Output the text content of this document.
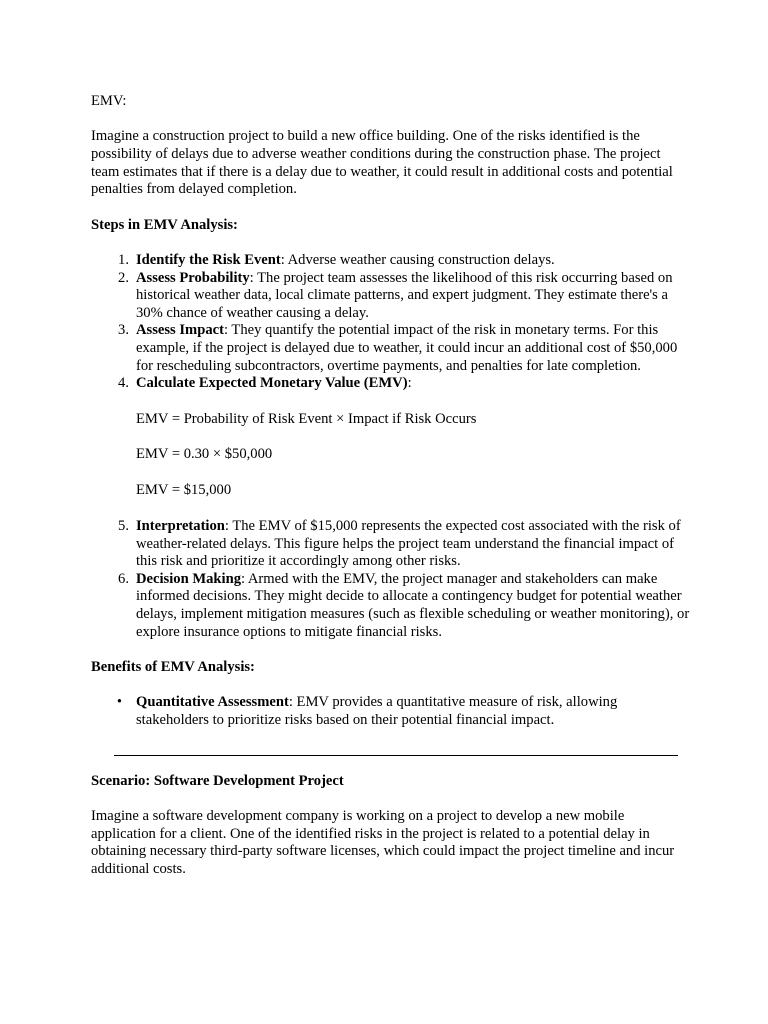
EMV:

Imagine a construction project to build a new office building. One of the risks identified is the possibility of delays due to adverse weather conditions during the construction phase. The project team estimates that if there is a delay due to weather, it could result in additional costs and potential penalties from delayed completion.

Steps in EMV Analysis:

1. Identify the Risk Event: Adverse weather causing construction delays.
2. Assess Probability: The project team assesses the likelihood of this risk occurring based on historical weather data, local climate patterns, and expert judgment. They estimate there's a 30% chance of weather causing a delay.
3. Assess Impact: They quantify the potential impact of the risk in monetary terms. For this example, if the project is delayed due to weather, it could incur an additional cost of $50,000 for rescheduling subcontractors, overtime payments, and penalties for late completion.
4. Calculate Expected Monetary Value (EMV):

EMV = Probability of Risk Event × Impact if Risk Occurs

EMV = 0.30 × $50,000

EMV = $15,000

5. Interpretation: The EMV of $15,000 represents the expected cost associated with the risk of weather-related delays. This figure helps the project team understand the financial impact of this risk and prioritize it accordingly among other risks.
6. Decision Making: Armed with the EMV, the project manager and stakeholders can make informed decisions. They might decide to allocate a contingency budget for potential weather delays, implement mitigation measures (such as flexible scheduling or weather monitoring), or explore insurance options to mitigate financial risks.

Benefits of EMV Analysis:

• Quantitative Assessment: EMV provides a quantitative measure of risk, allowing stakeholders to prioritize risks based on their potential financial impact.

Scenario: Software Development Project

Imagine a software development company is working on a project to develop a new mobile application for a client. One of the identified risks in the project is related to a potential delay in obtaining necessary third-party software licenses, which could impact the project timeline and incur additional costs.
